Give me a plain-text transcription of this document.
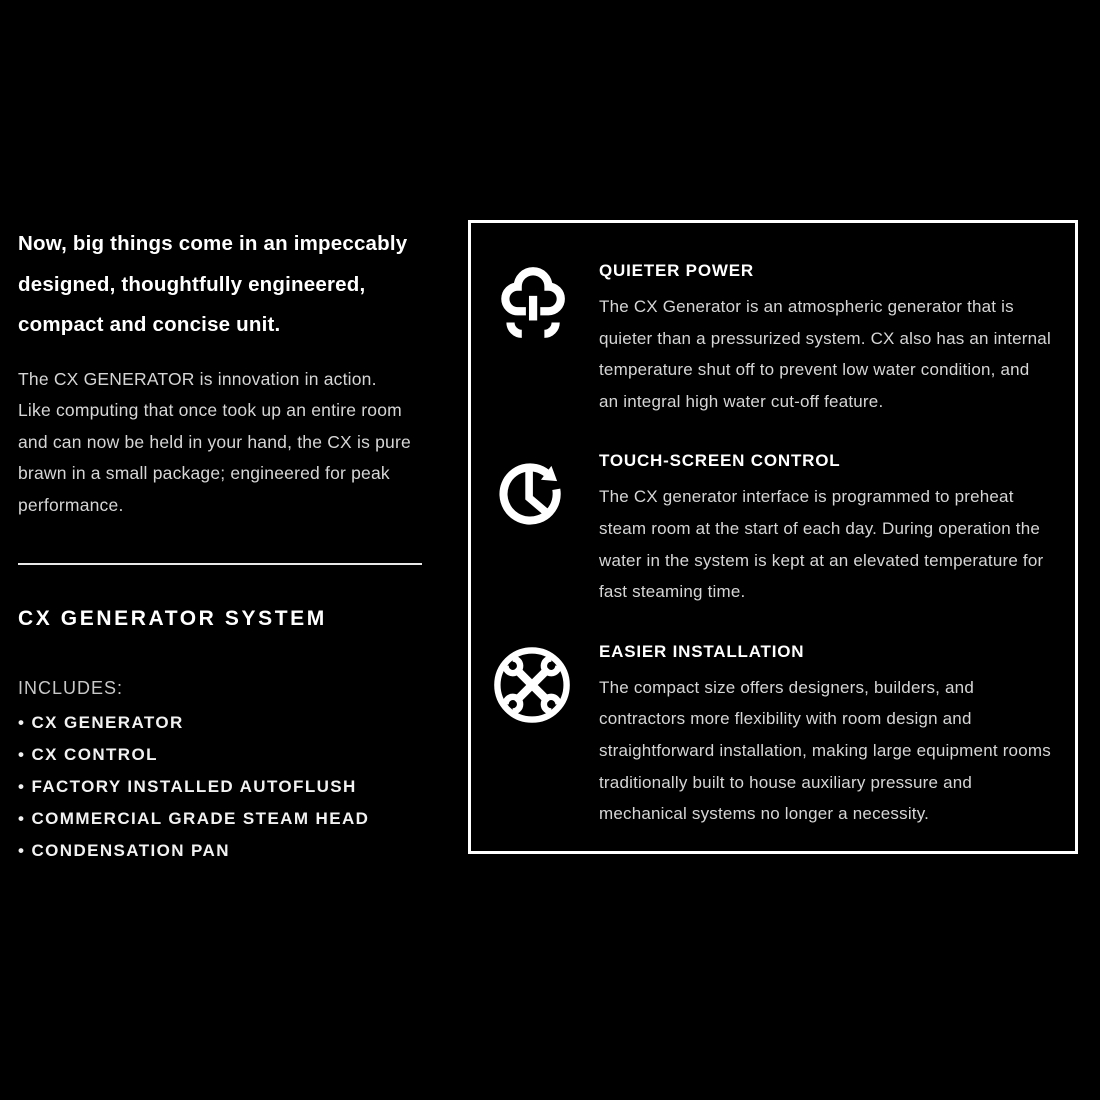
Now, big things come in an impeccably designed, thoughtfully engineered, compact and concise unit.

The CX GENERATOR is innovation in action. Like computing that once took up an entire room and can now be held in your hand, the CX is pure brawn in a small package; engineered for peak performance.

CX GENERATOR SYSTEM
INCLUDES:
• CX GENERATOR
• CX CONTROL
• FACTORY INSTALLED AUTOFLUSH
• COMMERCIAL GRADE STEAM HEAD
• CONDENSATION PAN
QUIETER POWER

The CX Generator is an atmospheric generator that is quieter than a pressurized system. CX also has an internal temperature shut off to prevent low water condition, and an integral high water cut-off feature.

TOUCH-SCREEN CONTROL

The CX generator interface is programmed to preheat steam room at the start of each day. During operation the water in the system is kept at an elevated temperature for fast steaming time.

EASIER INSTALLATION

The compact size offers designers, builders, and contractors more flexibility with room design and straightforward installation, making large equipment rooms traditionally built to house auxiliary pressure and mechanical systems no longer a necessity.
